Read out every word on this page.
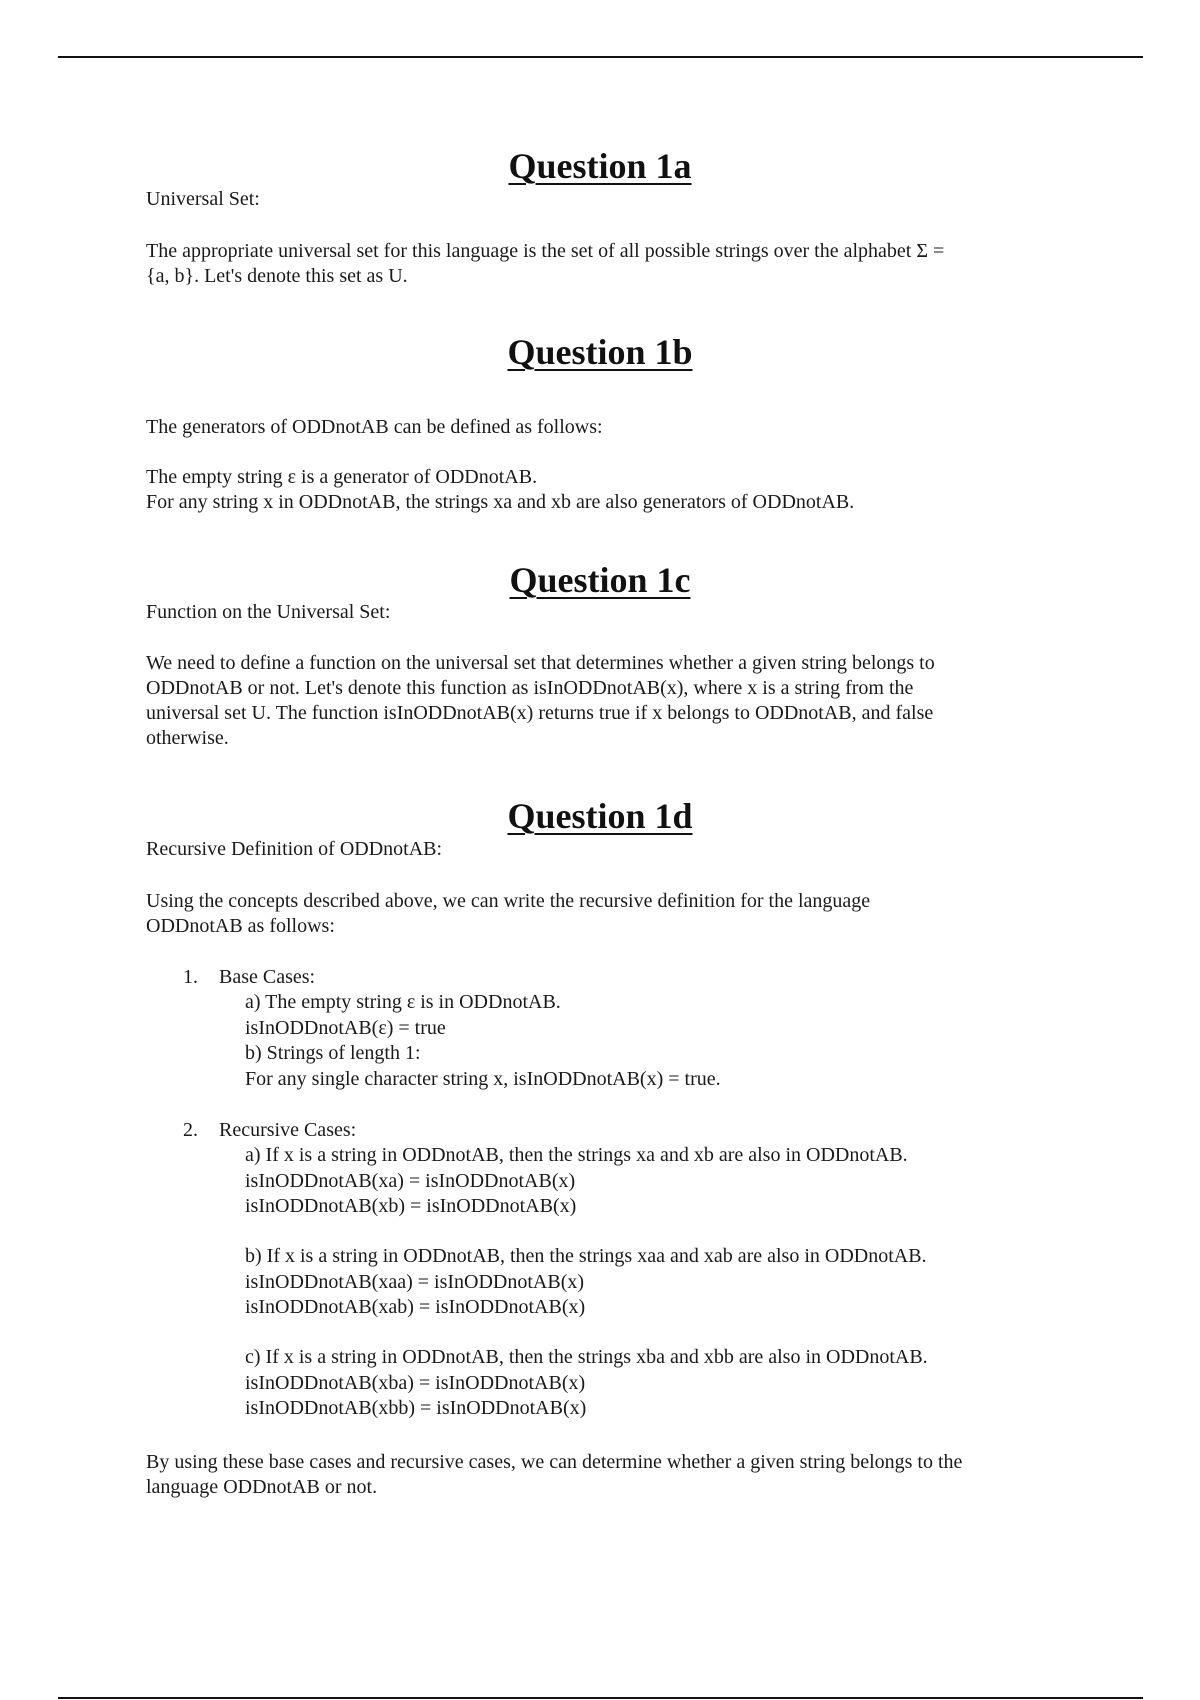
Question 1a

Universal Set:

The appropriate universal set for this language is the set of all possible strings over the alphabet Σ =
{a, b}. Let's denote this set as U.

Question 1b

The generators of ODDnotAB can be defined as follows:

The empty string ε is a generator of ODDnotAB.
For any string x in ODDnotAB, the strings xa and xb are also generators of ODDnotAB.

Question 1c

Function on the Universal Set:

We need to define a function on the universal set that determines whether a given string belongs to
ODDnotAB or not. Let's denote this function as isInODDnotAB(x), where x is a string from the
universal set U. The function isInODDnotAB(x) returns true if x belongs to ODDnotAB, and false
otherwise.

Question 1d

Recursive Definition of ODDnotAB:

Using the concepts described above, we can write the recursive definition for the language
ODDnotAB as follows:

1. Base Cases:
a) The empty string ε is in ODDnotAB.
isInODDnotAB(ε) = true
b) Strings of length 1:
For any single character string x, isInODDnotAB(x) = true.
2. Recursive Cases:
a) If x is a string in ODDnotAB, then the strings xa and xb are also in ODDnotAB.
isInODDnotAB(xa) = isInODDnotAB(x)
isInODDnotAB(xb) = isInODDnotAB(x)
b) If x is a string in ODDnotAB, then the strings xaa and xab are also in ODDnotAB.
isInODDnotAB(xaa) = isInODDnotAB(x)
isInODDnotAB(xab) = isInODDnotAB(x)
c) If x is a string in ODDnotAB, then the strings xba and xbb are also in ODDnotAB.
isInODDnotAB(xba) = isInODDnotAB(x)
isInODDnotAB(xbb) = isInODDnotAB(x)

By using these base cases and recursive cases, we can determine whether a given string belongs to the
language ODDnotAB or not.
